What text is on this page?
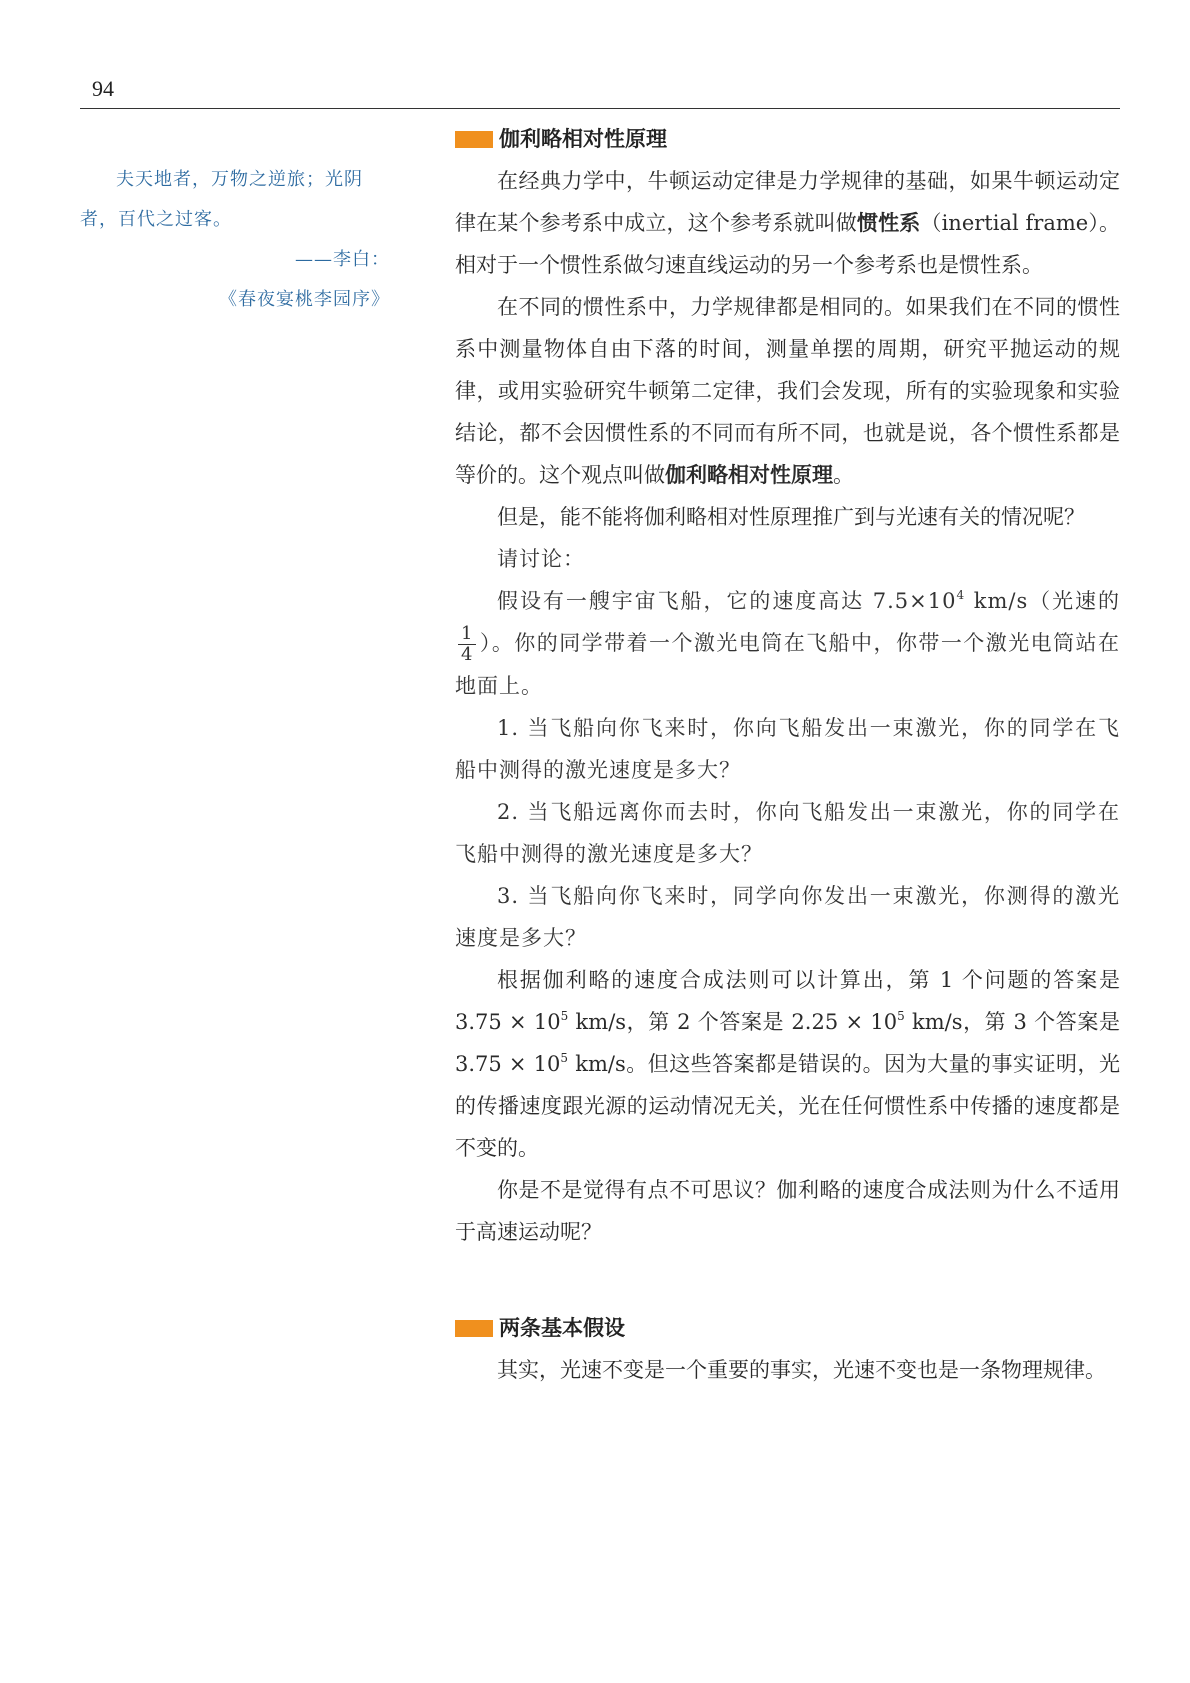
94
夫天地者，万物之逆旅；光阴者，百代之过客。
——李白：
《春夜宴桃李园序》
伽利略相对性原理

在经典力学中，牛顿运动定律是力学规律的基础，如果牛顿运动定律在某个参考系中成立，这个参考系就叫做惯性系（inertial frame）。相对于一个惯性系做匀速直线运动的另一个参考系也是惯性系。

在不同的惯性系中，力学规律都是相同的。如果我们在不同的惯性系中测量物体自由下落的时间，测量单摆的周期，研究平抛运动的规律，或用实验研究牛顿第二定律，我们会发现，所有的实验现象和实验结论，都不会因惯性系的不同而有所不同，也就是说，各个惯性系都是等价的。这个观点叫做伽利略相对性原理。

但是，能不能将伽利略相对性原理推广到与光速有关的情况呢？

请讨论：

假设有一艘宇宙飞船，它的速度高达 $7.5\times 10^4$ km/s（光速的
$\frac{1}{4}$ ）。你的同学带着一个激光电筒在飞船中，你带一个激光电筒站在地面上。

1. 当飞船向你飞来时，你向飞船发出一束激光，你的同学在飞船中测得的激光速度是多大？

2. 当飞船远离你而去时，你向飞船发出一束激光，你的同学在飞船中测得的激光速度是多大？

3. 当飞船向你飞来时，同学向你发出一束激光，你测得的激光速度是多大？

根据伽利略的速度合成法则可以计算出，第 1 个问题的答案是 $3.75 \times 10^5$ km/s，第 2 个答案是 $2.25 \times 10^5$ km/s，第 3 个答案是 $3.75 \times 10^5$ km/s。但这些答案都是错误的。因为大量的事实证明，光的传播速度跟光源的运动情况无关，光在任何惯性系中传播的速度都是不变的。

你是不是觉得有点不可思议？伽利略的速度合成法则为什么不适用于高速运动呢？

两条基本假设

其实，光速不变是一个重要的事实，光速不变也是一条物理规律。
